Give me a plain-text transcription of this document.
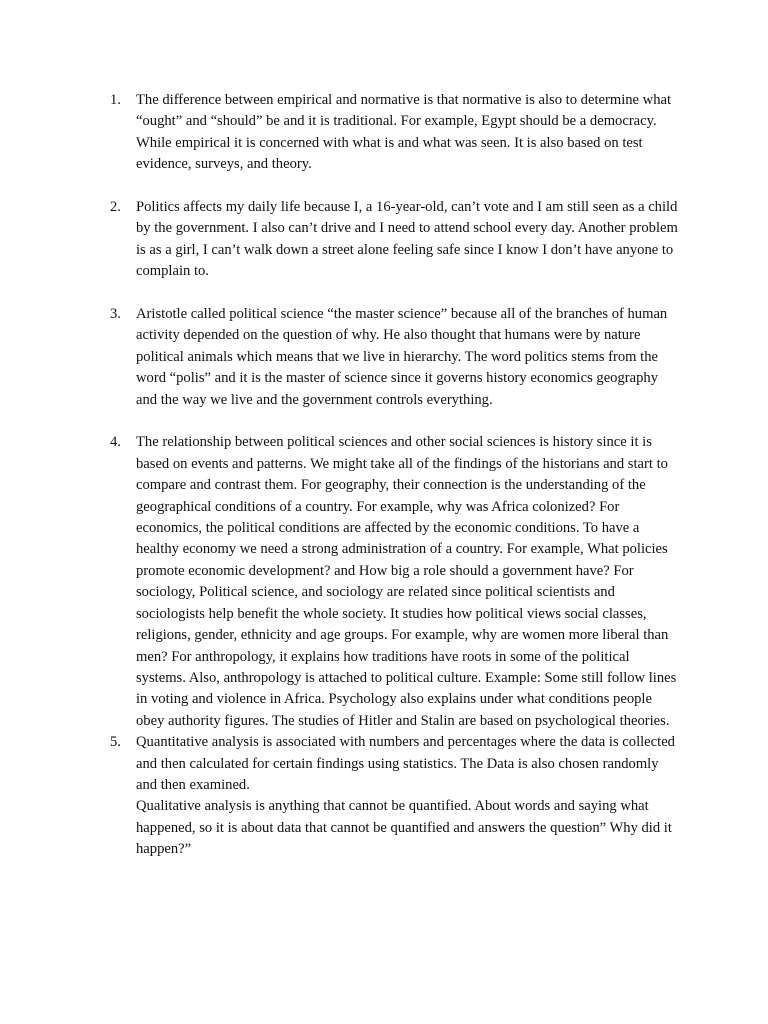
1.	The difference between empirical and normative is that normative is also to determine what “ought” and “should” be and it is traditional. For example, Egypt should be a democracy. While empirical it is concerned with what is and what was seen. It is also based on test evidence, surveys, and theory.

2.	Politics affects my daily life because I, a 16-year-old, can’t vote and I am still seen as a child by the government. I also can’t drive and I need to attend school every day. Another problem is as a girl, I can’t walk down a street alone feeling safe since I know I don’t have anyone to complain to.

3.	Aristotle called political science “the master science” because all of the branches of human activity depended on the question of why. He also thought that humans were by nature political animals which means that we live in hierarchy. The word politics stems from the word “polis” and it is the master of science since it governs history economics geography and the way we live and the government controls everything.

4.	The relationship between political sciences and other social sciences is history since it is based on events and patterns. We might take all of the findings of the historians and start to compare and contrast them. For geography, their connection is the understanding of the geographical conditions of a country. For example, why was Africa colonized? For economics, the political conditions are affected by the economic conditions. To have a healthy economy we need a strong administration of a country. For example, What policies promote economic development? and How big a role should a government have? For sociology, Political science, and sociology are related since political scientists and sociologists help benefit the whole society. It studies how political views social classes, religions, gender, ethnicity and age groups. For example, why are women more liberal than men? For anthropology, it explains how traditions have roots in some of the political systems. Also, anthropology is attached to political culture. Example: Some still follow lines in voting and violence in Africa. Psychology also explains under what conditions people obey authority figures. The studies of Hitler and Stalin are based on psychological theories.

5.	Quantitative analysis is associated with numbers and percentages where the data is collected and then calculated for certain findings using statistics. The Data is also chosen randomly and then examined.

Qualitative analysis is anything that cannot be quantified. About words and saying what happened, so it is about data that cannot be quantified and answers the question” Why did it happen?”
